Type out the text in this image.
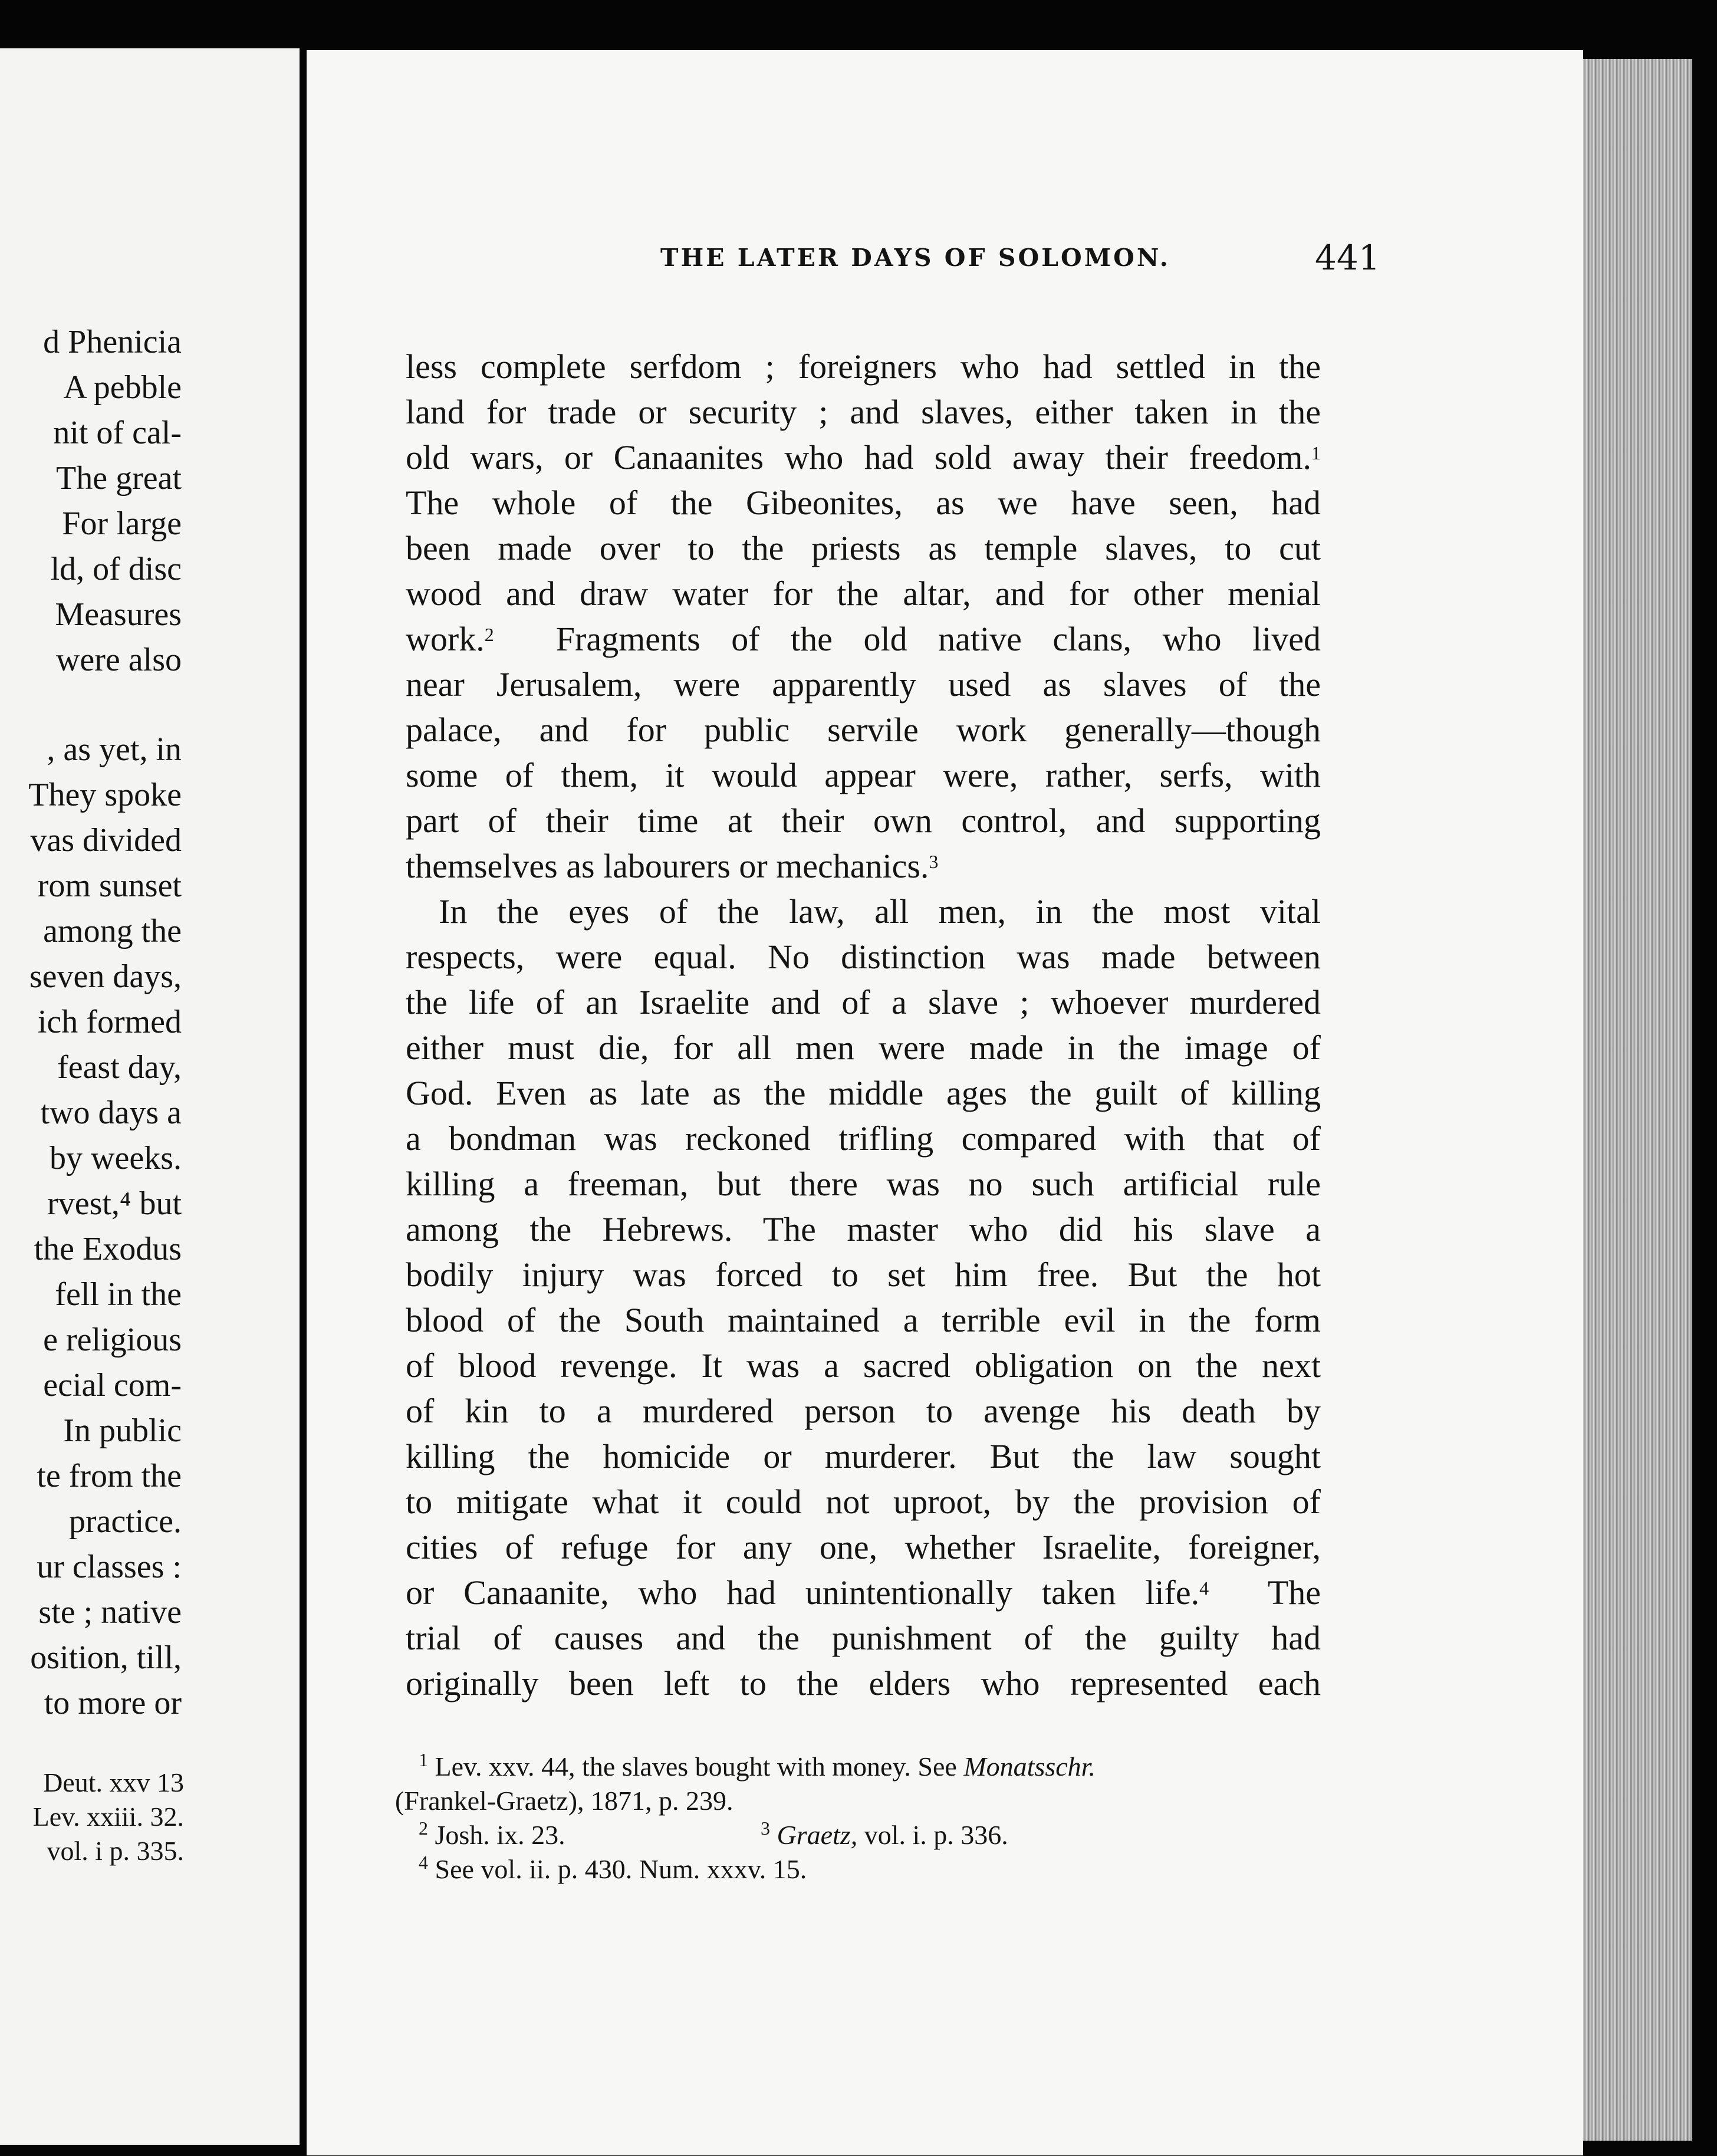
d Phenicia
A pebble
nit of cal-
The great
For large
ld, of disc
Measures
were also
, as yet, in
They spoke
vas divided
rom sunset
among the
seven days,
ich formed
feast day,
two days a
by weeks.
rvest,⁴ but
the Exodus
fell in the
e religious
ecial com-
In public
te from the
practice.
ur classes :
ste ; native
osition, till,
to more or
Deut. xxv 13
Lev. xxiii. 32.
vol. i p. 335.
THE LATER DAYS OF SOLOMON.	441
less complete serfdom ; foreigners who had settled in the
land for trade or security ; and slaves, either taken in the
old wars, or Canaanites who had sold away their freedom.$^1$
The whole of the Gibeonites, as we have seen, had
been made over to the priests as temple slaves, to cut
wood and draw water for the altar, and for other menial
work.$^2$ Fragments of the old native clans, who lived
near Jerusalem, were apparently used as slaves of the
palace, and for public servile work generally—though
some of them, it would appear were, rather, serfs, with
part of their time at their own control, and supporting
themselves as labourers or mechanics.$^3$
In the eyes of the law, all men, in the most vital
respects, were equal. No distinction was made between
the life of an Israelite and of a slave ; whoever murdered
either must die, for all men were made in the image of
God. Even as late as the middle ages the guilt of killing
a bondman was reckoned trifling compared with that of
killing a freeman, but there was no such artificial rule
among the Hebrews. The master who did his slave a
bodily injury was forced to set him free. But the hot
blood of the South maintained a terrible evil in the form
of blood revenge. It was a sacred obligation on the next
of kin to a murdered person to avenge his death by
killing the homicide or murderer. But the law sought
to mitigate what it could not uproot, by the provision of
cities of refuge for any one, whether Israelite, foreigner,
or Canaanite, who had unintentionally taken life.$^4$ The
trial of causes and the punishment of the guilty had
originally been left to the elders who represented each
$^1$ Lev. xxv. 44, the slaves bought with money. See Monatsschr.
(Frankel-Graetz), 1871, p. 239.
$^2$ Josh. ix. 23.	$^3$ Graetz, vol. i. p. 336.
$^4$ See vol. ii. p. 430. Num. xxxv. 15.
